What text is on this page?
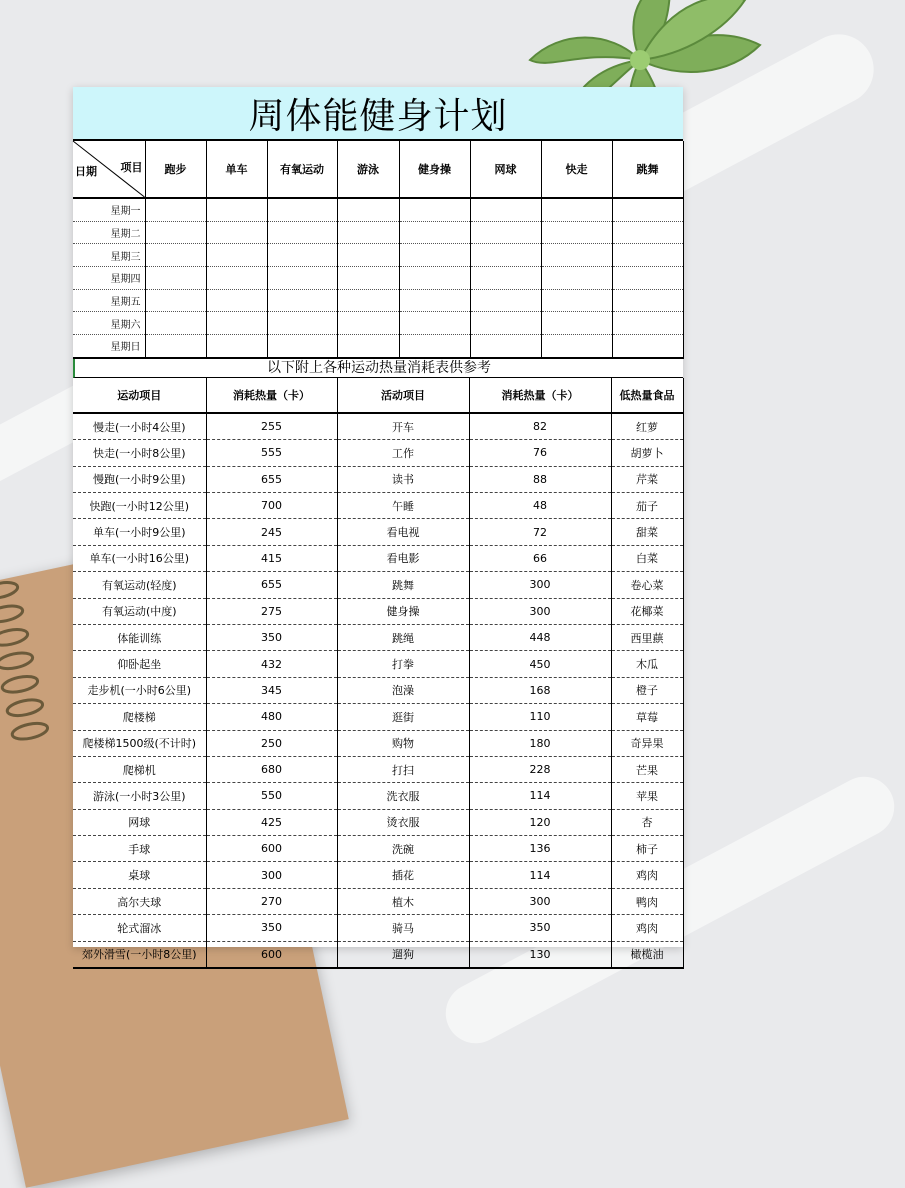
周体能健身计划
日期 项目	跑步	单车	有氧运动	游泳	健身操	网球	快走	跳舞
星期一								
星期二								
星期三								
星期四								
星期五								
星期六								
星期日								
以下附上各种运动热量消耗表供参考
运动项目	消耗热量（卡）	活动项目	消耗热量（卡）	低热量食品
慢走(一小时4公里)	255	开车	82	红萝
快走(一小时8公里)	555	工作	76	胡萝卜
慢跑(一小时9公里)	655	读书	88	芹菜
快跑(一小时12公里)	700	午睡	48	茄子
单车(一小时9公里)	245	看电视	72	甜菜
单车(一小时16公里)	415	看电影	66	白菜
有氧运动(轻度)	655	跳舞	300	卷心菜
有氧运动(中度)	275	健身操	300	花椰菜
体能训练	350	跳绳	448	西里蕻
仰卧起坐	432	打拳	450	木瓜
走步机(一小时6公里)	345	泡澡	168	橙子
爬楼梯	480	逛街	110	草莓
爬楼梯1500级(不计时)	250	购物	180	奇异果
爬梯机	680	打扫	228	芒果
游泳(一小时3公里)	550	洗衣服	114	苹果
网球	425	烫衣服	120	杏
手球	600	洗碗	136	柿子
桌球	300	插花	114	鸡肉
高尔夫球	270	植木	300	鸭肉
轮式溜冰	350	骑马	350	鸡肉
郊外滑雪(一小时8公里)	600	遛狗	130	橄榄油
